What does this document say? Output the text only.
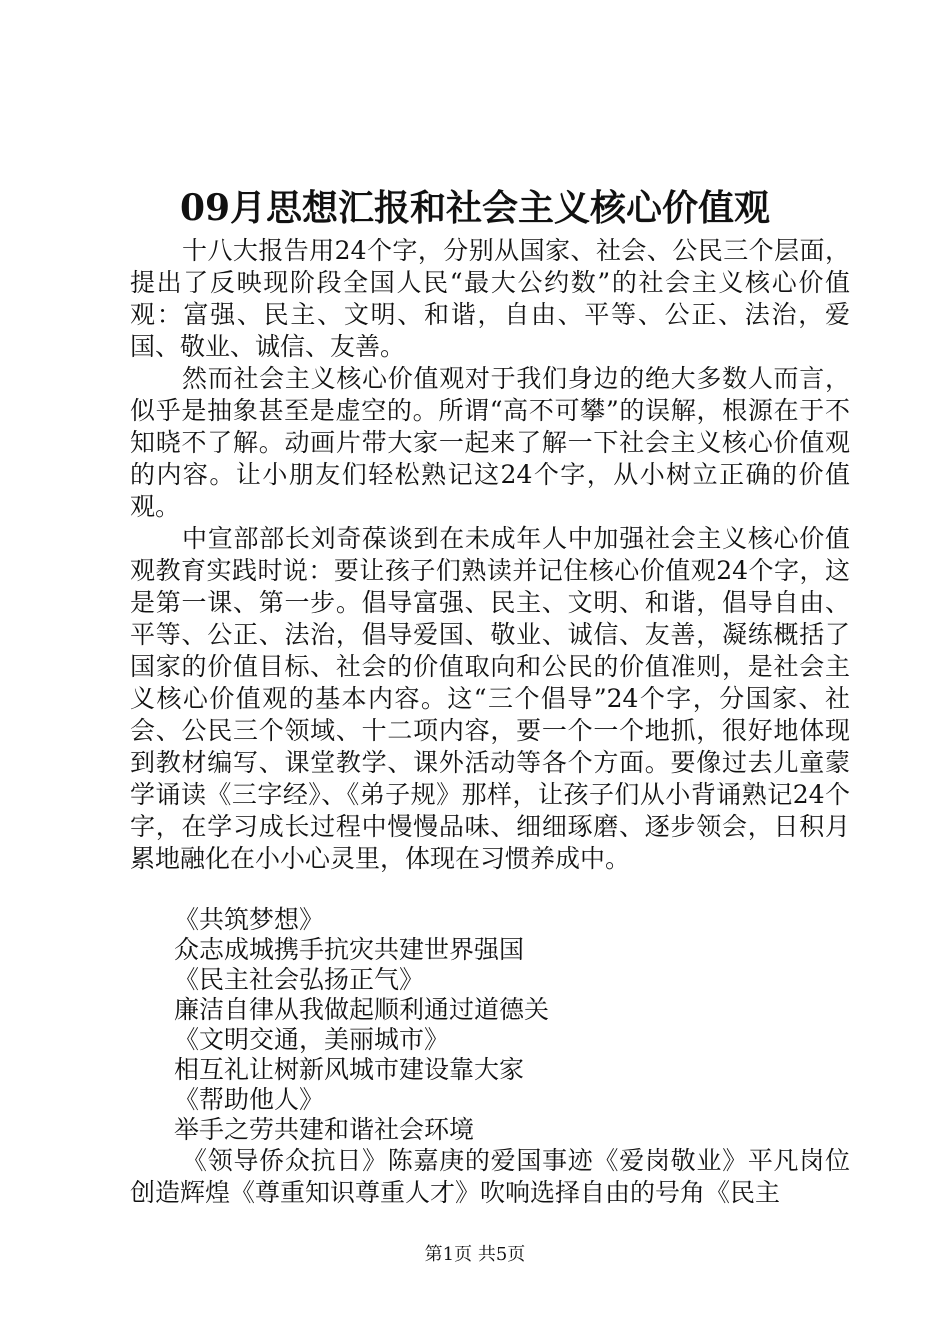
09月思想汇报和社会主义核心价值观

十八大报告用24个字，分别从国家、社会、公民三个层面，提出了反映现阶段全国人民“最大公约数”的社会主义核心价值观：富强、民主、文明、和谐，自由、平等、公正、法治，爱国、敬业、诚信、友善。

然而社会主义核心价值观对于我们身边的绝大多数人而言，似乎是抽象甚至是虚空的。所谓“高不可攀”的误解，根源在于不知晓不了解。动画片带大家一起来了解一下社会主义核心价值观的内容。让小朋友们轻松熟记这24个字，从小树立正确的价值观。

中宣部部长刘奇葆谈到在未成年人中加强社会主义核心价值观教育实践时说：要让孩子们熟读并记住核心价值观24个字，这是第一课、第一步。倡导富强、民主、文明、和谐，倡导自由、平等、公正、法治，倡导爱国、敬业、诚信、友善，凝练概括了国家的价值目标、社会的价值取向和公民的价值准则，是社会主义核心价值观的基本内容。这“三个倡导”24个字，分国家、社会、公民三个领域、十二项内容，要一个一个地抓，很好地体现到教材编写、课堂教学、课外活动等各个方面。要像过去儿童蒙学诵读《三字经》、《弟子规》那样，让孩子们从小背诵熟记24个字，在学习成长过程中慢慢品味、细细琢磨、逐步领会，日积月累地融化在小小心灵里，体现在习惯养成中。

《共筑梦想》

众志成城携手抗灾共建世界强国

《民主社会弘扬正气》

廉洁自律从我做起顺利通过道德关

《文明交通，美丽城市》

相互礼让树新风城市建设靠大家

《帮助他人》

举手之劳共建和谐社会环境

《领导侨众抗日》陈嘉庚的爱国事迹《爱岗敬业》平凡岗位创造辉煌《尊重知识尊重人才》吹响选择自由的号角《民主

第1页 共5页
